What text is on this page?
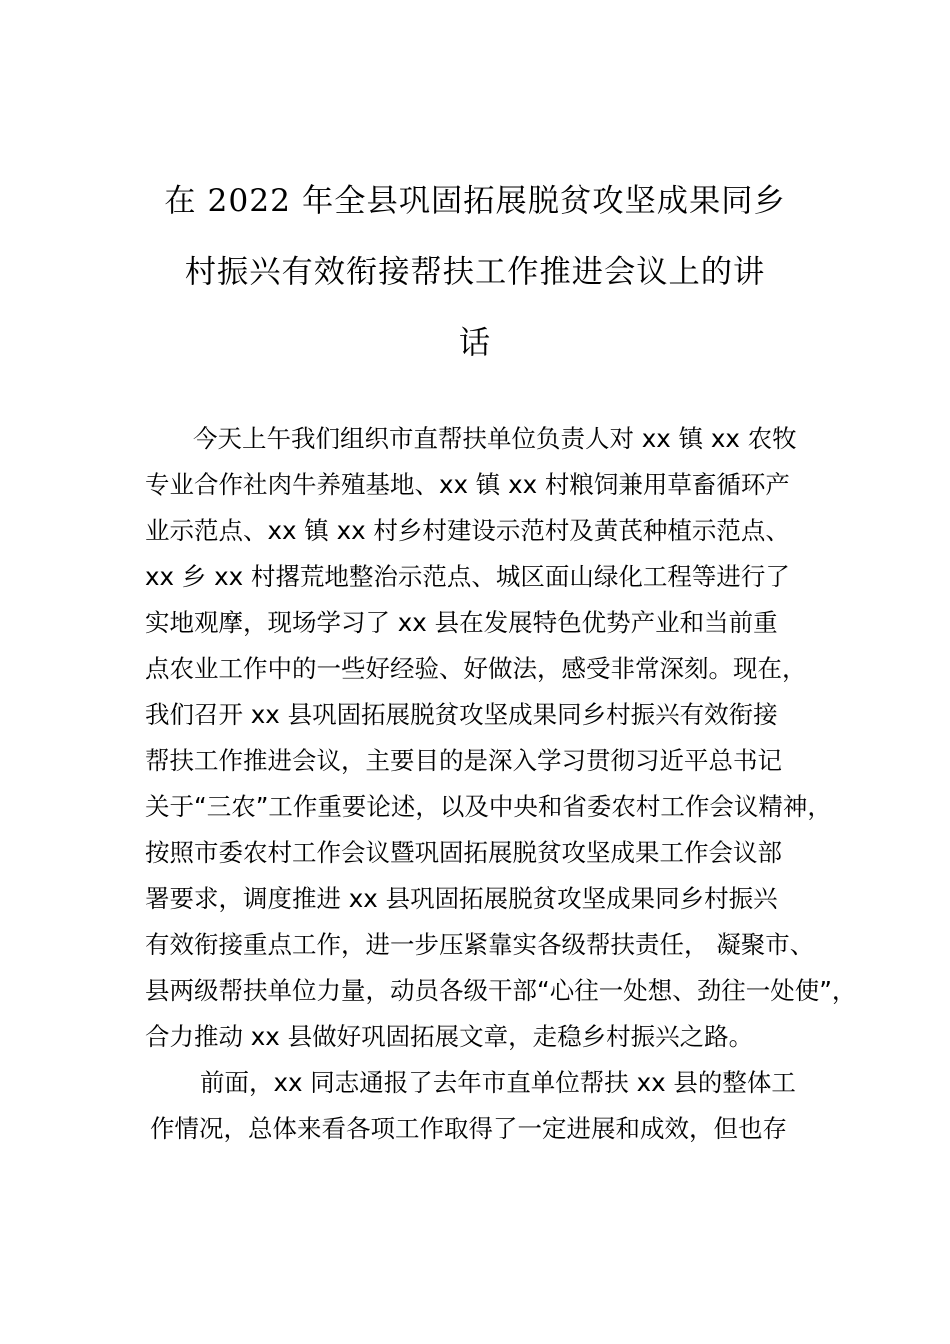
在 2022 年全县巩固拓展脱贫攻坚成果同乡
村振兴有效衔接帮扶工作推进会议上的讲
话
今天上午我们组织市直帮扶单位负责人对 xx 镇 xx 农牧
专业合作社肉牛养殖基地、xx 镇 xx 村粮饲兼用草畜循环产
业示范点、xx 镇 xx 村乡村建设示范村及黄芪种植示范点、
xx 乡 xx 村撂荒地整治示范点、城区面山绿化工程等进行了
实地观摩，现场学习了 xx 县在发展特色优势产业和当前重
点农业工作中的一些好经验、好做法，感受非常深刻。现在，
我们召开 xx 县巩固拓展脱贫攻坚成果同乡村振兴有效衔接
帮扶工作推进会议，主要目的是深入学习贯彻习近平总书记
关于“三农”工作重要论述，以及中央和省委农村工作会议精神，
按照市委农村工作会议暨巩固拓展脱贫攻坚成果工作会议部
署要求，调度推进 xx 县巩固拓展脱贫攻坚成果同乡村振兴
有效衔接重点工作，进一步压紧靠实各级帮扶责任， 凝聚市、
县两级帮扶单位力量，动员各级干部“心往一处想、劲往一处使”，
合力推动 xx 县做好巩固拓展文章，走稳乡村振兴之路。
前面，xx 同志通报了去年市直单位帮扶 xx 县的整体工
作情况，总体来看各项工作取得了一定进展和成效，但也存
